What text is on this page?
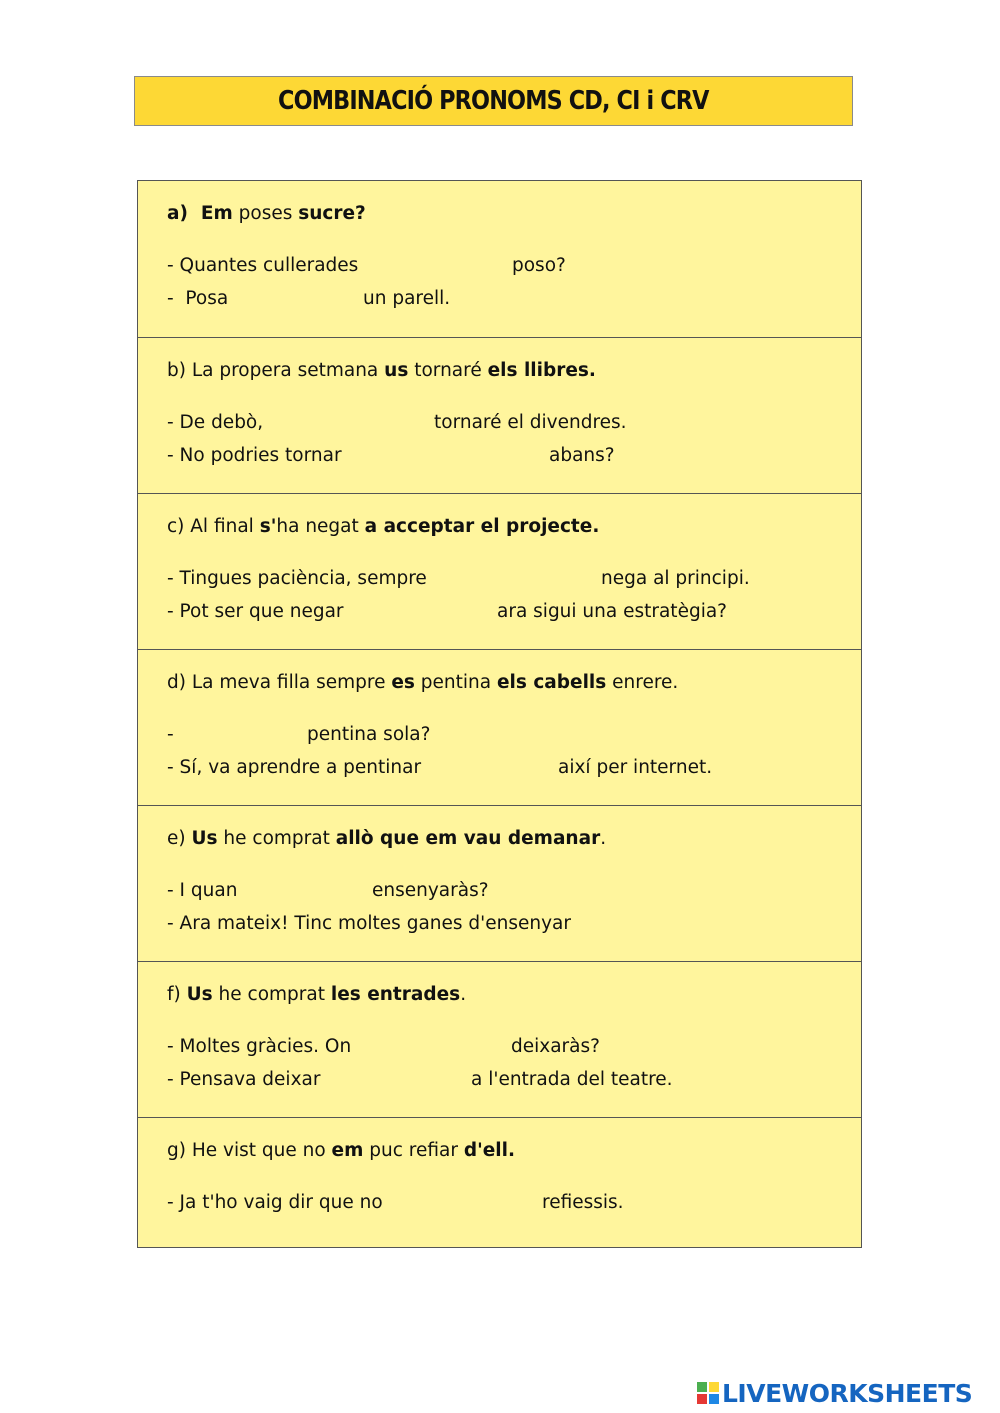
COMBINACIÓ PRONOMS CD, CI i CRV
a)  Em poses sucre?
- Quantes cullerades	poso?
-  Posa	un parell.
b) La propera setmana us tornaré els llibres.
- De debò,	tornaré el divendres.
- No podries tornar	abans?
c) Al final s'ha negat a acceptar el projecte.
- Tingues paciència, sempre	nega al principi.
- Pot ser que negar	ara sigui una estratègia?
d) La meva filla sempre es pentina els cabells enrere.
-	pentina sola?
- Sí, va aprendre a pentinar	així per internet.
e) Us he comprat allò que em vau demanar.
- I quan	ensenyaràs?
- Ara mateix! Tinc moltes ganes d'ensenyar
f) Us he comprat les entrades.
- Moltes gràcies. On	deixaràs?
- Pensava deixar	a l'entrada del teatre.
g) He vist que no em puc refiar d'ell.
- Ja t'ho vaig dir que no	refiessis.
LIVEWORKSHEETS
